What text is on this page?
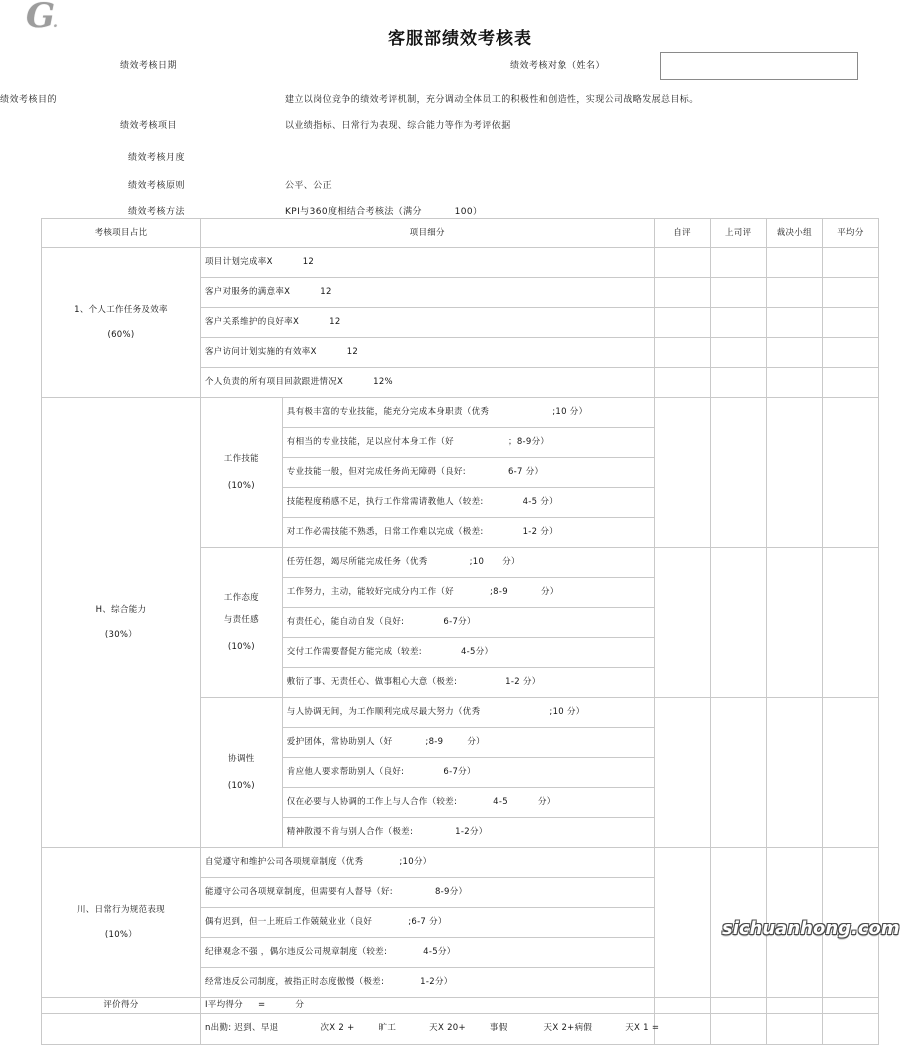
G.
客服部绩效考核表
绩效考核日期	绩效考核对象（姓名）
绩效考核目的	建立以岗位竞争的绩效考评机制，充分调动全体员工的积极性和创造性，实现公司战略发展总目标。
绩效考核项目	以业绩指标、日常行为表现、综合能力等作为考评依据
绩效考核月度
绩效考核原则	公平、公正
绩效考核方法	KPI与360度相结合考核法（满分          100）
考核项目占比	项目细分		自评	上司评	裁决小组	平均分
1、个人工作任务及效率
(60%)	项目计划完成率X          12					
	客户对服务的满意率X          12					
	客户关系维护的良好率X          12					
	客户访问计划实施的有效率X          12					
	个人负责的所有项目回款跟进情况X          12%					
H、综合能力
(30%）	工作技能
(10%)	具有极丰富的专业技能，能充分完成本身职责（优秀                     ;10 分）				
		有相当的专业技能，足以应付本身工作（好                  ；8-9分）				
		专业技能一般，但对完成任务尚无障碍（良好:              6-7 分）				
		技能程度稍感不足，执行工作常需请教他人（较差:             4-5 分）				
		对工作必需技能不熟悉，日常工作难以完成（极差:             1-2 分）				
	工作态度
与责任感
(10%)	任劳任怨，竭尽所能完成任务（优秀              ;10      分）				
		工作努力，主动，能较好完成分内工作（好            ;8-9           分）				
		有责任心，能自动自发（良好:             6-7分）				
		交付工作需要督促方能完成（较差:             4-5分）				
		敷衍了事、无责任心、做事粗心大意（极差:                1-2 分）				
	协调性
(10%)	与人协调无间，为工作顺利完成尽最大努力（优秀                       ;10 分）				
		爱护团体，常协助别人（好           ;8-9        分）				
		肯应他人要求帮助别人（良好:             6-7分）				
		仅在必要与人协调的工作上与人合作（较差:            4-5          分）				
		精神散漫不肯与别人合作（极差:              1-2分）				
川、日常行为规范表现
(10%）	自觉遵守和维护公司各项规章制度（优秀            ;10分）					
	能遵守公司各项规章制度，但需要有人督导（好:              8-9分）					
	偶有迟到，但一上班后工作兢兢业业（良好            ;6-7 分）					
	纪律观念不强 ，偶尔违反公司规章制度（较差:            4-5分）					
	经常违反公司制度，被指正时态度傲慢（极差:            1-2分）					
评价得分	I平均得分     =          分					
	n出勤: 迟到、早退              次X 2 +        旷工           天X 20+        事假            天X 2+病假           天X 1 =					
sichuanhong.com
